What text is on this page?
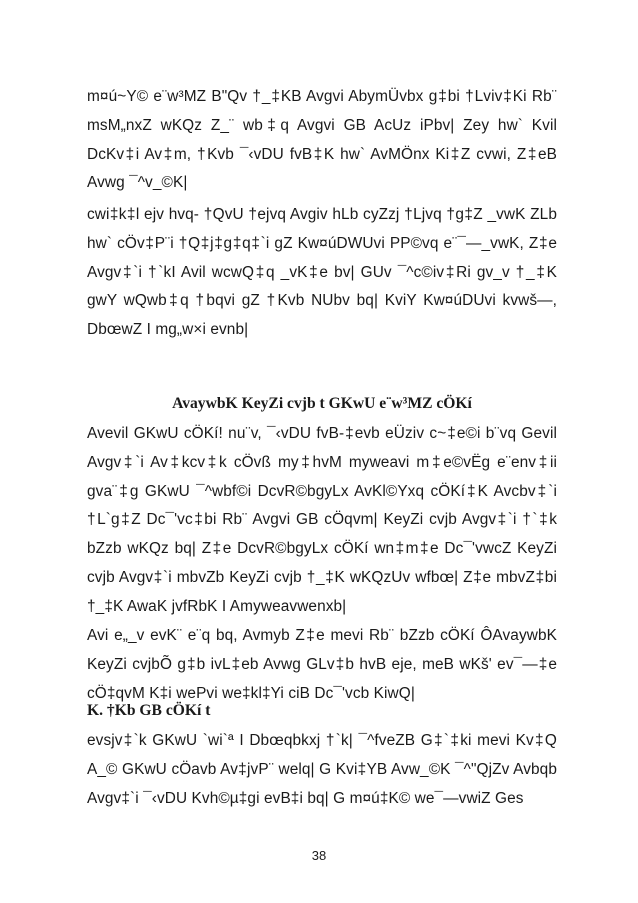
m¤ú~Y© e¨w³MZ B"Qv †_‡KB Avgvi AbymÜvbx g‡bi †Lviv‡Ki Rb¨ msM„nxZ wKQz Z_¨ wb‡q Avgvi GB AcUz iPbv| Zey hw` Kvil DcKv‡i Av‡m, †Kvb ¯‹vDU fvB‡K hw` AvMÖnx Ki‡Z cvwi, Z‡eB Avwg ¯^v_©K|

cwi‡k‡l ejv hvq- †QvU †ejvq Avgiv hLb cyZzj †Ljvq †g‡Z _vwK ZLb hw` cÖv‡P¨i †Q‡j‡g‡q‡`i gZ Kw¤úDWUvi PP©vq e¨¯—_vwK, Z‡e Avgv‡`i †`kI Avil wcwQ‡q _vK‡e bv| GUv ¯^c©iv‡Ri gv_v †_‡K gwY wQwb‡q †bqvi gZ †Kvb NUbv bq| KviY Kw¤úDUvi kvwš—, DbœwZ I mg„w×i evnb|

AvaywbK KeyZi cvjb t GKwU e¨w³MZ cÖKí

Avevil GKwU cÖKí! nu¨v, ¯‹vDU fvB-‡evb eÜziv c~‡e©i b¨vq Gevil Avgv‡`i Av‡kcv‡k cÖvß my‡hvM myweavi m‡e©vËg e¨env‡ii gva¨‡g GKwU ¯^wbf©i DcvR©bgyLx AvKl©Yxq cÖKí‡K Avcbv‡`i †L`g‡Z Dc¯'vc‡bi Rb¨ Avgvi GB cÖqvm| KeyZi cvjb Avgv‡`i †`‡k bZzb wKQz bq| Z‡e DcvR©bgyLx cÖKí wn‡m‡e Dc¯'vwcZ KeyZi cvjb Avgv‡`i mbvZb KeyZi cvjb †_‡K wKQzUv wfbœ| Z‡e mbvZ‡bi †_‡K AwaK jvfRbK I Amyweavwenxb|

Avi e„_v evK¨ e¨q bq, Avmyb Z‡e mevi Rb¨ bZzb cÖKí ÔAvaywbK KeyZi cvjbÕ g‡b ivL‡eb Avwg GLv‡b hvB eje, meB wKš' ev¯—‡e cÖ‡qvM K‡i wePvi we‡kl‡Yi ciB Dc¯'vcb KiwQ|

K. †Kb GB cÖKí t

evsjv‡`k GKwU `wi`ª I Dbœqbkxj †`k| ¯^fveZB G‡`‡ki mevi Kv‡Q A_© GKwU cÖavb Av‡jvP¨ welq| G Kvi‡YB Avw_©K ¯^"QjZv Avbqb Avgv‡`i ¯‹vDU Kvh©µ‡gi evB‡i bq| G m¤ú‡K© we¯—vwiZ Ges

38
